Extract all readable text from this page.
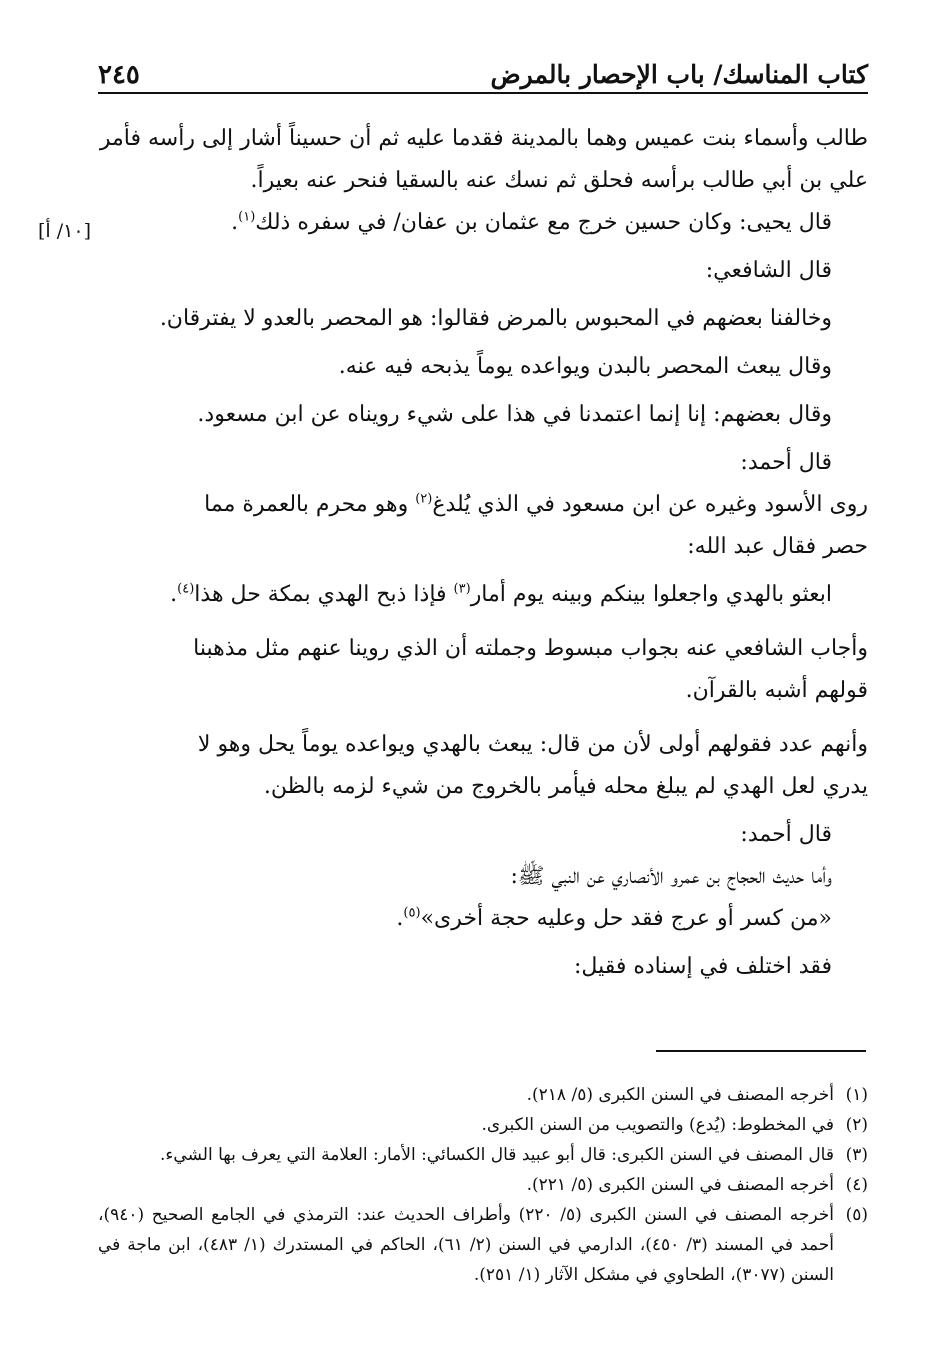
كتاب المناسك/ باب الإحصار بالمرض
٢٤٥
[١٠/ أ]

طالب وأسماء بنت عميس وهما بالمدينة فقدما عليه ثم أن حسيناً أشار إلى رأسه فأمر
علي بن أبي طالب برأسه فحلق ثم نسك عنه بالسقيا فنحر عنه بعيراً.

قال يحيى: وكان حسين خرج مع عثمان بن عفان/ في سفره ذلك$^{(١)}$.

قال الشافعي:

وخالفنا بعضهم في المحبوس بالمرض فقالوا: هو المحصر بالعدو لا يفترقان.

وقال يبعث المحصر بالبدن ويواعده يوماً يذبحه فيه عنه.

وقال بعضهم: إنا إنما اعتمدنا في هذا على شيء رويناه عن ابن مسعود.

قال أحمد:

روى الأسود وغيره عن ابن مسعود في الذي يُلدغ$^{(٢)}$ وهو محرم بالعمرة مما
حصر فقال عبد الله:

ابعثو بالهدي واجعلوا بينكم وبينه يوم أمار$^{(٣)}$ فإذا ذبح الهدي بمكة حل هذا$^{(٤)}$.

وأجاب الشافعي عنه بجواب مبسوط وجملته أن الذي روينا عنهم مثل مذهبنا
قولهم أشبه بالقرآن.

وأنهم عدد فقولهم أولى لأن من قال: يبعث بالهدي ويواعده يوماً يحل وهو لا
يدري لعل الهدي لم يبلغ محله فيأمر بالخروج من شيء لزمه بالظن.

قال أحمد:

وأما حديث الحجاج بن عمرو الأنصاري عن النبي ﷺ:

«من كسر أو عرج فقد حل وعليه حجة أخرى»$^{(٥)}$.

فقد اختلف في إسناده فقيل:

(١)
أخرجه المصنف في السنن الكبرى (٥/ ٢١٨).
(٢)
في المخطوط: (يُدع) والتصويب من السنن الكبرى.
(٣)
قال المصنف في السنن الكبرى: قال أبو عبيد قال الكسائي: الأمار: العلامة التي يعرف بها الشيء.
(٤)
أخرجه المصنف في السنن الكبرى (٥/ ٢٢١).
(٥)
أخرجه المصنف في السنن الكبرى (٥/ ٢٢٠) وأطراف الحديث عند: الترمذي في الجامع الصحيح (٩٤٠)، أحمد في المسند (٣/ ٤٥٠)، الدارمي في السنن (٢/ ٦١)، الحاكم في المستدرك (١/ ٤٨٣)، ابن ماجة في السنن (٣٠٧٧)، الطحاوي في مشكل الآثار (١/ ٢٥١).
